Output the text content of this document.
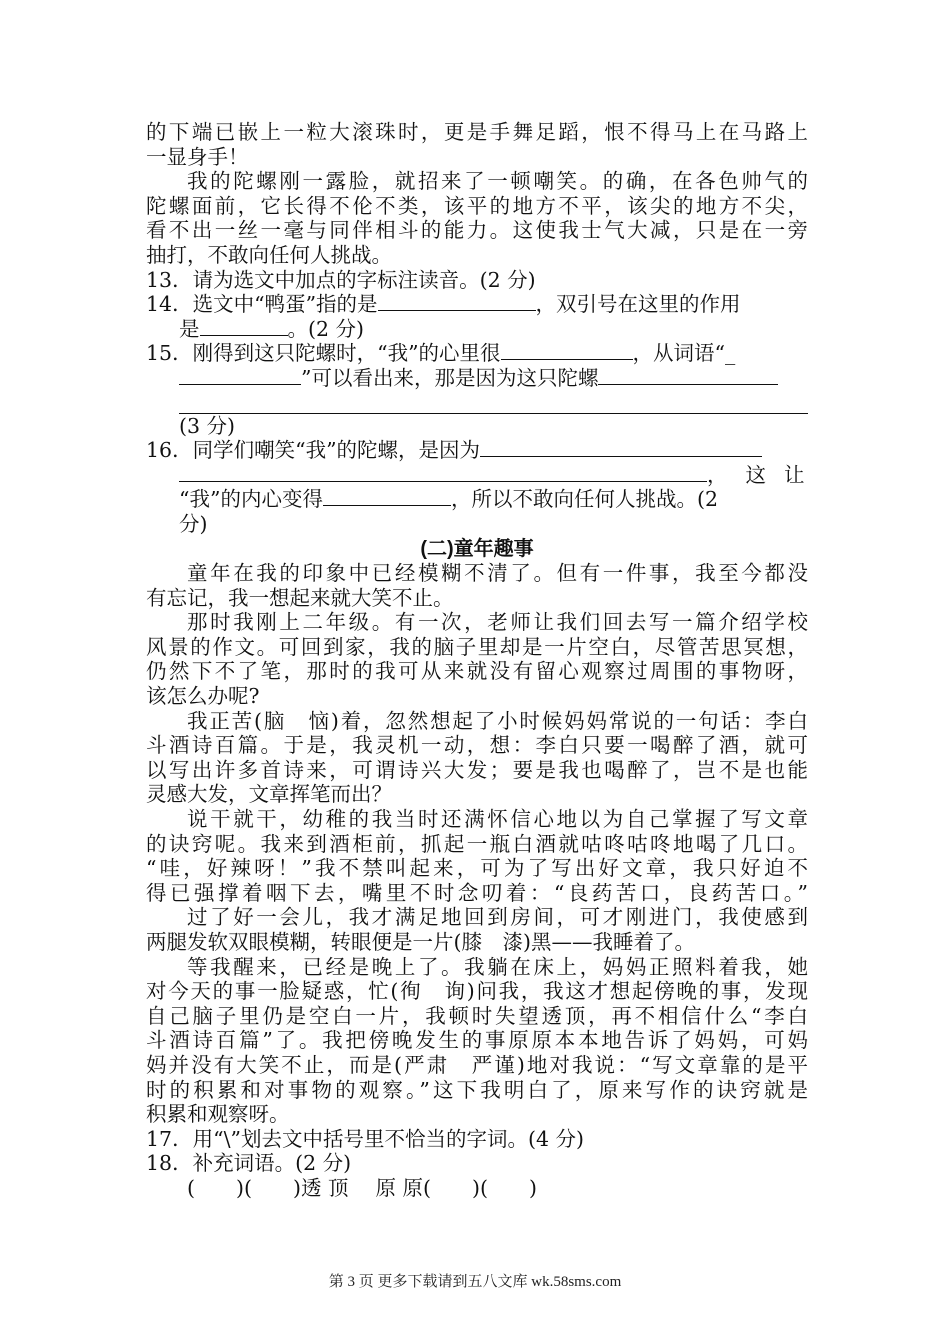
的下端已嵌上一粒大滚珠时，更是手舞足蹈，恨不得马上在马路上
一显身手！
我的陀螺刚一露脸，就招来了一顿嘲笑。的确，在各色帅气的
陀螺面前，它长得不伦不类，该平的地方不平，该尖的地方不尖，
看不出一丝一毫与同伴相斗的能力。这使我士气大减，只是在一旁
抽打，不敢向任何人挑战。
13．请为选文中加点的字标注读音。(2 分)
14．选文中“鸭蛋”指的是	，双引号在这里的作用
是	。(2 分)
15．刚得到这只陀螺时，“我”的心里很	，从词语“_
”可以看出来，那是因为这只陀螺
(3 分)
16．同学们嘲笑“我”的陀螺，是因为
，这让
“我”的内心变得	，所以不敢向任何人挑战。(2
分)
(二)童年趣事
童年在我的印象中已经模糊不清了。但有一件事，我至今都没
有忘记，我一想起来就大笑不止。
那时我刚上二年级。有一次，老师让我们回去写一篇介绍学校
风景的作文。可回到家，我的脑子里却是一片空白，尽管苦思冥想，
仍然下不了笔，那时的我可从来就没有留心观察过周围的事物呀，
该怎么办呢?
我正苦(脑　恼)着，忽然想起了小时候妈妈常说的一句话：李白
斗酒诗百篇。于是，我灵机一动，想：李白只要一喝醉了酒，就可
以写出许多首诗来，可谓诗兴大发；要是我也喝醉了，岂不是也能
灵感大发，文章挥笔而出？
说干就干，幼稚的我当时还满怀信心地以为自己掌握了写文章
的诀窍呢。我来到酒柜前，抓起一瓶白酒就咕咚咕咚地喝了几口。
“哇，好辣呀！”我不禁叫起来，可为了写出好文章，我只好迫不
得已强撑着咽下去，嘴里不时念叨着：“良药苦口，良药苦口。”
过了好一会儿，我才满足地回到房间，可才刚进门，我使感到
两腿发软双眼模糊，转眼便是一片(膝　漆)黑——我睡着了。
等我醒来，已经是晚上了。我躺在床上，妈妈正照料着我，她
对今天的事一脸疑惑，忙(徇　询)问我，我这才想起傍晚的事，发现
自己脑子里仍是空白一片，我顿时失望透顶，再不相信什么“李白
斗酒诗百篇”了。我把傍晚发生的事原原本本地告诉了妈妈，可妈
妈并没有大笑不止，而是(严肃　严谨)地对我说：“写文章靠的是平
时的积累和对事物的观察。”这下我明白了，原来写作的诀窍就是
积累和观察呀。
17．用“\”划去文中括号里不恰当的字词。(4 分)
18．补充词语。(2 分)
(　　)(　　)透 顶　 原 原(　　)(　　)
第 3 页 更多下载请到五八文库 wk.58sms.com
